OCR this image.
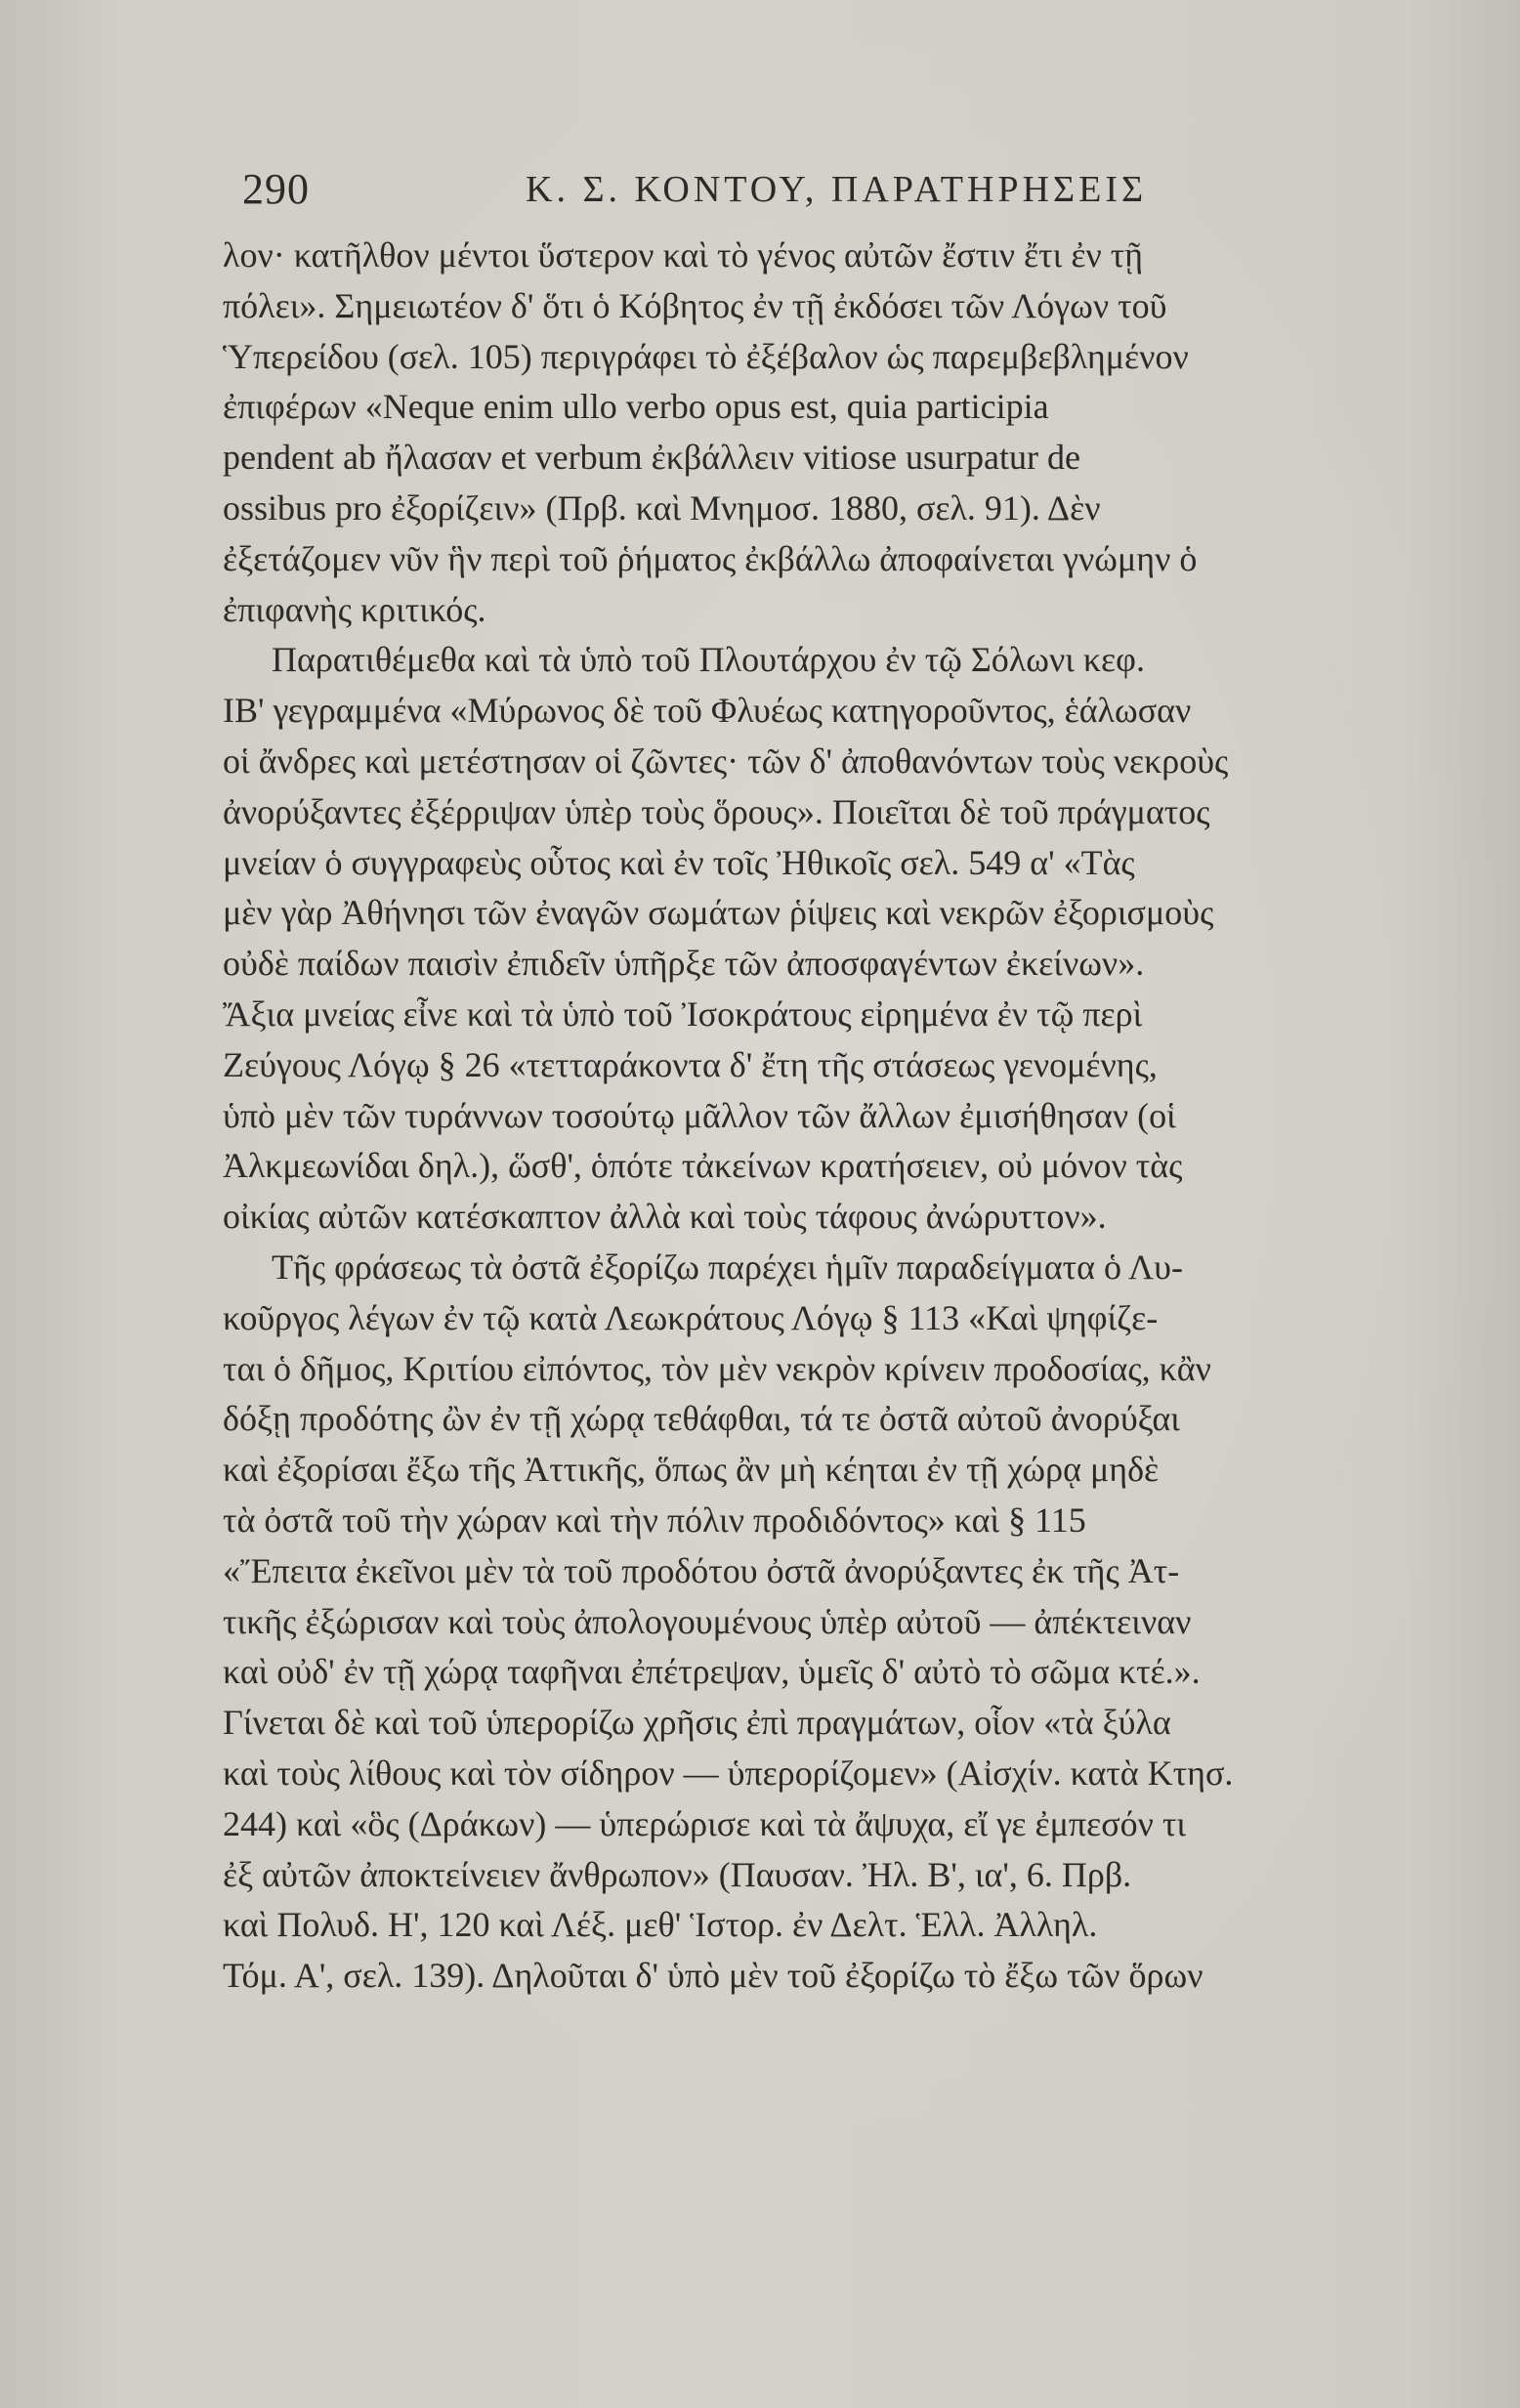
290	Κ. Σ. ΚΟΝΤΟΥ, ΠΑΡΑΤΗΡΗΣΕΙΣ
λον· κατῆλθον μέντοι ὕστερον καὶ τὸ γένος αὐτῶν ἔστιν ἔτι ἐν τῇ
πόλει». Σημειωτέον δ' ὅτι ὁ Κόβητος ἐν τῇ ἐκδόσει τῶν Λόγων τοῦ
Ὑπερείδου (σελ. 105) περιγράφει τὸ ἐξέβαλον ὡς παρεμβεβλημένον
ἐπιφέρων «Neque enim ullo verbo opus est, quia participia
pendent ab ἤλασαν et verbum ἐκβάλλειν vitiose usurpatur de
ossibus pro ἐξορίζειν» (Πρβ. καὶ Μνημοσ. 1880, σελ. 91). Δὲν
ἐξετάζομεν νῦν ἣν περὶ τοῦ ῥήματος ἐκβάλλω ἀποφαίνεται γνώμην ὁ
ἐπιφανὴς κριτικός.
Παρατιθέμεθα καὶ τὰ ὑπὸ τοῦ Πλουτάρχου ἐν τῷ Σόλωνι κεφ.
ΙΒ' γεγραμμένα «Μύρωνος δὲ τοῦ Φλυέως κατηγοροῦντος, ἑάλωσαν
οἱ ἄνδρες καὶ μετέστησαν οἱ ζῶντες· τῶν δ' ἀποθανόντων τοὺς νεκροὺς
ἀνορύξαντες ἐξέρριψαν ὑπὲρ τοὺς ὅρους». Ποιεῖται δὲ τοῦ πράγματος
μνείαν ὁ συγγραφεὺς οὗτος καὶ ἐν τοῖς Ἠθικοῖς σελ. 549 α' «Τὰς
μὲν γὰρ Ἀθήνησι τῶν ἐναγῶν σωμάτων ῥίψεις καὶ νεκρῶν ἐξορισμοὺς
οὐδὲ παίδων παισὶν ἐπιδεῖν ὑπῆρξε τῶν ἀποσφαγέντων ἐκείνων».
Ἄξια μνείας εἶνε καὶ τὰ ὑπὸ τοῦ Ἰσοκράτους εἰρημένα ἐν τῷ περὶ
Ζεύγους Λόγῳ § 26 «τετταράκοντα δ' ἔτη τῆς στάσεως γενομένης,
ὑπὸ μὲν τῶν τυράννων τοσούτῳ μᾶλλον τῶν ἄλλων ἐμισήθησαν (οἱ
Ἀλκμεωνίδαι δηλ.), ὥσθ', ὁπότε τἀκείνων κρατήσειεν, οὐ μόνον τὰς
οἰκίας αὐτῶν κατέσκαπτον ἀλλὰ καὶ τοὺς τάφους ἀνώρυττον».
Τῆς φράσεως τὰ ὀστᾶ ἐξορίζω παρέχει ἡμῖν παραδείγματα ὁ Λυ-
κοῦργος λέγων ἐν τῷ κατὰ Λεωκράτους Λόγῳ § 113 «Καὶ ψηφίζε-
ται ὁ δῆμος, Κριτίου εἰπόντος, τὸν μὲν νεκρὸν κρίνειν προδοσίας, κἂν
δόξῃ προδότης ὢν ἐν τῇ χώρᾳ τεθάφθαι, τά τε ὀστᾶ αὐτοῦ ἀνορύξαι
καὶ ἐξορίσαι ἔξω τῆς Ἀττικῆς, ὅπως ἂν μὴ κέηται ἐν τῇ χώρᾳ μηδὲ
τὰ ὀστᾶ τοῦ τὴν χώραν καὶ τὴν πόλιν προδιδόντος» καὶ § 115
«Ἔπειτα ἐκεῖνοι μὲν τὰ τοῦ προδότου ὀστᾶ ἀνορύξαντες ἐκ τῆς Ἀτ-
τικῆς ἐξώρισαν καὶ τοὺς ἀπολογουμένους ὑπὲρ αὐτοῦ — ἀπέκτειναν
καὶ οὐδ' ἐν τῇ χώρᾳ ταφῆναι ἐπέτρεψαν, ὑμεῖς δ' αὐτὸ τὸ σῶμα κτέ.».
Γίνεται δὲ καὶ τοῦ ὑπερορίζω χρῆσις ἐπὶ πραγμάτων, οἷον «τὰ ξύλα
καὶ τοὺς λίθους καὶ τὸν σίδηρον — ὑπερορίζομεν» (Αἰσχίν. κατὰ Κτησ.
244) καὶ «ὃς (Δράκων) — ὑπερώρισε καὶ τὰ ἄψυχα, εἴ γε ἐμπεσόν τι
ἐξ αὐτῶν ἀποκτείνειεν ἄνθρωπον» (Παυσαν. Ἠλ. Β', ια', 6. Πρβ.
καὶ Πολυδ. Η', 120 καὶ Λέξ. μεθ' Ἱστορ. ἐν Δελτ. Ἑλλ. Ἀλληλ.
Τόμ. Α', σελ. 139). Δηλοῦται δ' ὑπὸ μὲν τοῦ ἐξορίζω τὸ ἔξω τῶν ὅρων
